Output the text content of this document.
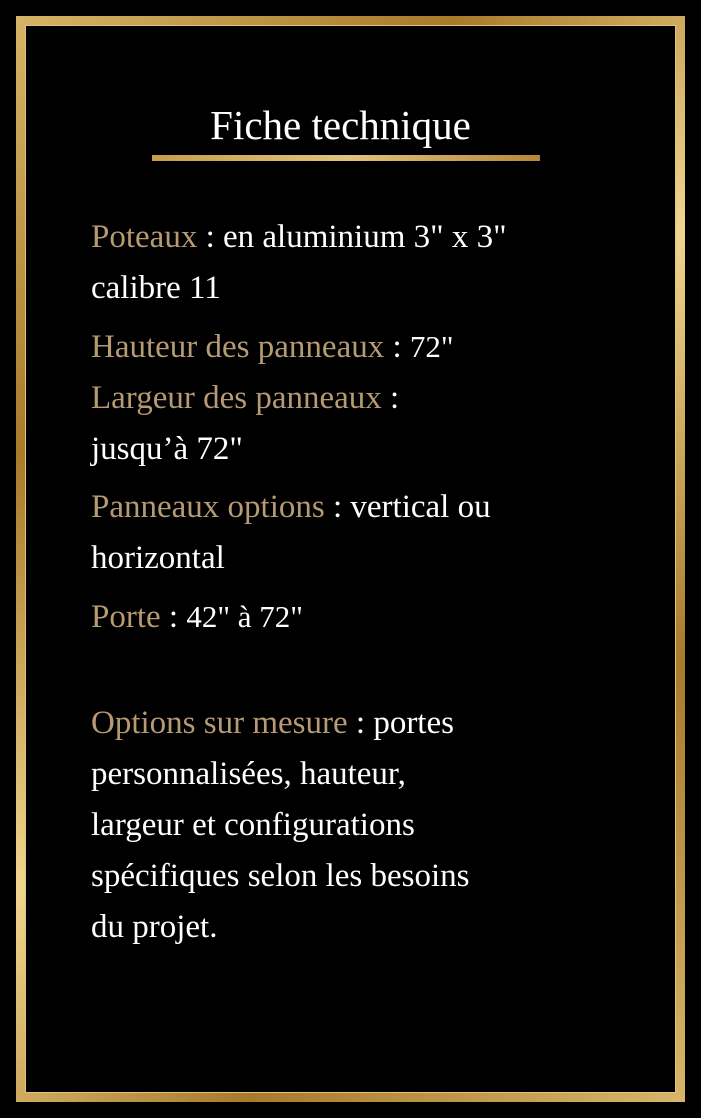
Fiche technique
Poteaux : en aluminium 3" x 3"
calibre 11
Hauteur des panneaux : 72"
Largeur des panneaux :
jusqu’à 72"
Panneaux options : vertical ou
horizontal
Porte : 42" à 72"
Options sur mesure : portes
personnalisées, hauteur,
largeur et configurations
spécifiques selon les besoins
du projet.
